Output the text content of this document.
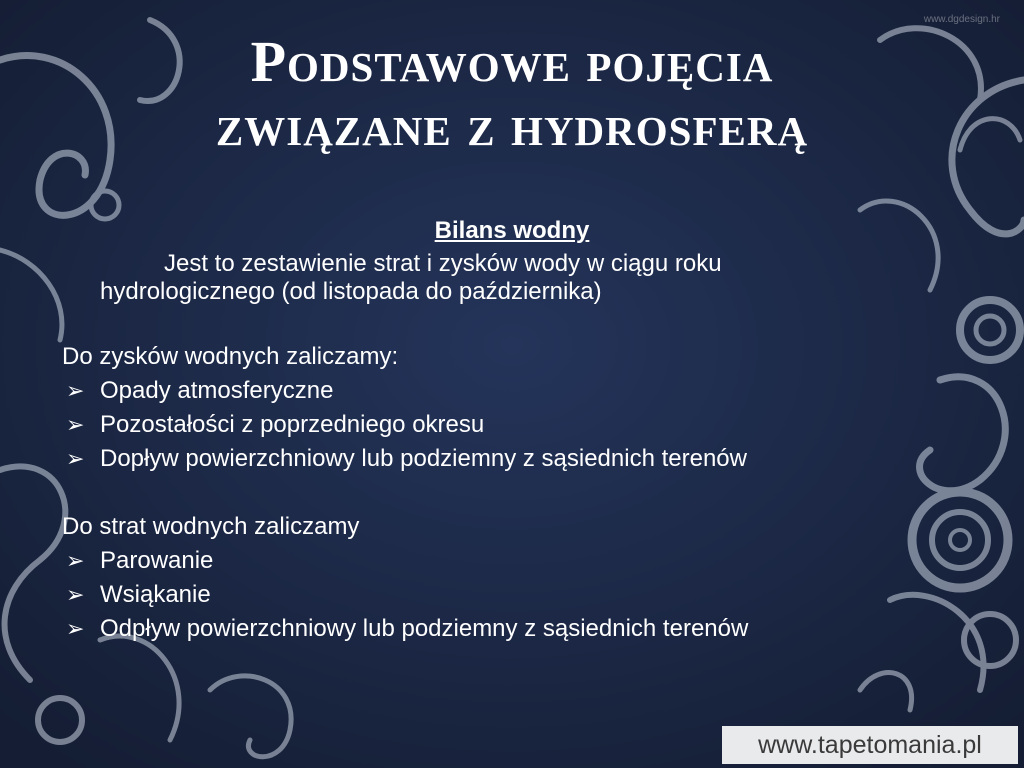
www.dgdesign.hr
Podstawowe pojęcia
związane z hydrosferą
Bilans wodny

Jest to zestawienie strat i zysków wody w ciągu roku
hydrologicznego (od listopada do października)

Do zysków wodnych zaliczamy:

➢ Opady atmosferyczne
➢ Pozostałości z poprzedniego okresu
➢ Dopływ powierzchniowy lub podziemny z sąsiednich terenów

Do strat wodnych zaliczamy

➢ Parowanie
➢ Wsiąkanie
➢ Odpływ powierzchniowy lub podziemny z sąsiednich terenów
www.tapetomania.pl
